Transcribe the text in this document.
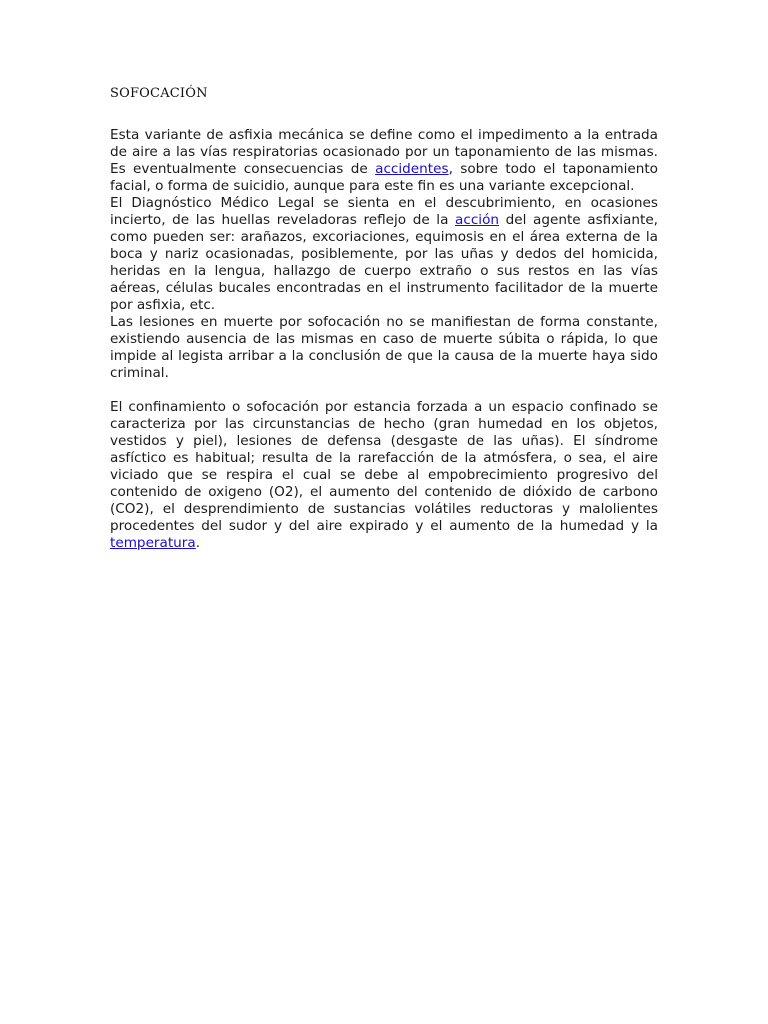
SOFOCACIÓN

Esta variante de asfixia mecánica se define como el impedimento a la entrada de aire a las vías respiratorias ocasionado por un taponamiento de las mismas. Es eventualmente consecuencias de accidentes, sobre todo el taponamiento facial, o forma de suicidio, aunque para este fin es una variante excepcional.

El Diagnóstico Médico Legal se sienta en el descubrimiento, en ocasiones incierto, de las huellas reveladoras reflejo de la acción del agente asfixiante, como pueden ser: arañazos, excoriaciones, equimosis en el área externa de la boca y nariz ocasionadas, posiblemente, por las uñas y dedos del homicida, heridas en la lengua, hallazgo de cuerpo extraño o sus restos en las vías aéreas, células bucales encontradas en el instrumento facilitador de la muerte por asfixia, etc.

Las lesiones en muerte por sofocación no se manifiestan de forma constante, existiendo ausencia de las mismas en caso de muerte súbita o rápida, lo que impide al legista arribar a la conclusión de que la causa de la muerte haya sido criminal.

El confinamiento o sofocación por estancia forzada a un espacio confinado se caracteriza por las circunstancias de hecho (gran humedad en los objetos, vestidos y piel), lesiones de defensa (desgaste de las uñas). El síndrome asfíctico es habitual; resulta de la rarefacción de la atmósfera, o sea, el aire viciado que se respira el cual se debe al empobrecimiento progresivo del contenido de oxigeno (O2), el aumento del contenido de dióxido de carbono (CO2), el desprendimiento de sustancias volátiles reductoras y malolientes procedentes del sudor y del aire expirado y el aumento de la humedad y la temperatura.
